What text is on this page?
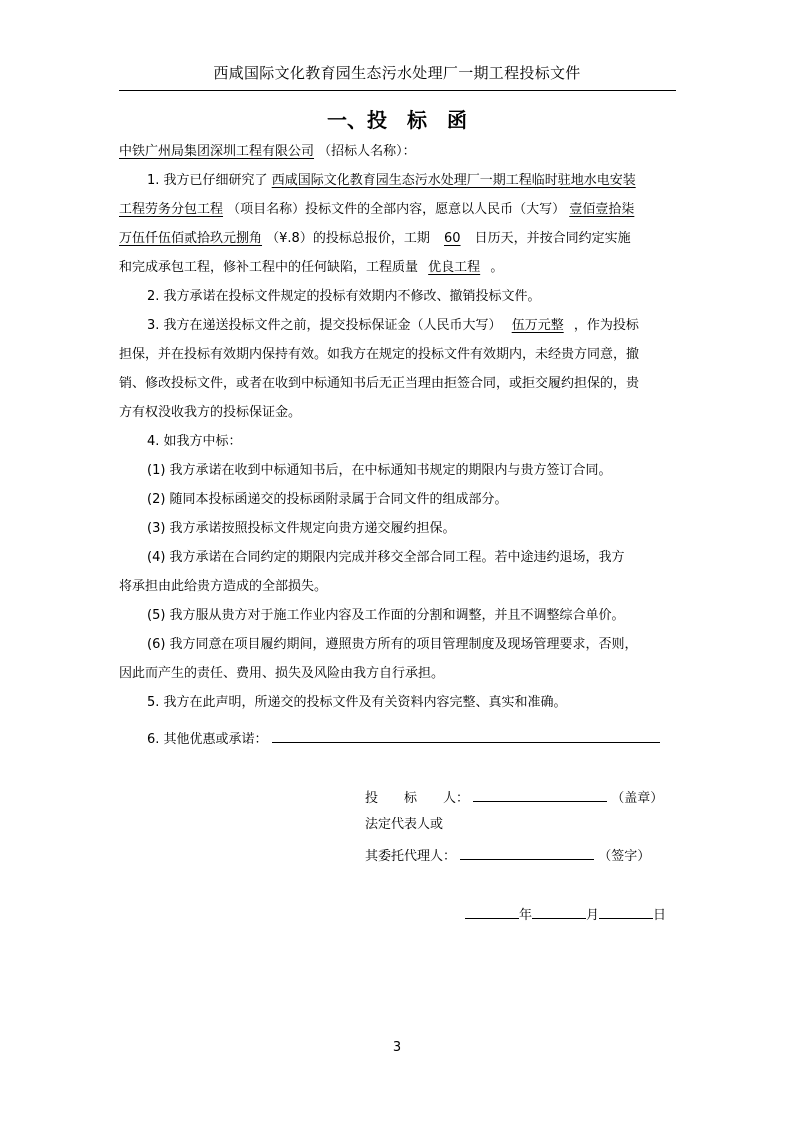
西咸国际文化教育园生态污水处理厂一期工程投标文件
一、投　标　函
中铁广州局集团深圳工程有限公司 （招标人名称）：
1. 我方已仔细研究了 西咸国际文化教育园生态污水处理厂一期工程临时驻地水电安装
工程劳务分包工程 （项目名称）投标文件的全部内容，愿意以人民币（大写） 壹佰壹拾柒
万伍仟伍佰贰拾玖元捌角 （¥.8）的投标总报价，工期 60 日历天，并按合同约定实施
和完成承包工程，修补工程中的任何缺陷，工程质量 优良工程 。
2. 我方承诺在投标文件规定的投标有效期内不修改、撤销投标文件。
3. 我方在递送投标文件之前，提交投标保证金（人民币大写） 伍万元整 ，作为投标
担保，并在投标有效期内保持有效。如我方在规定的投标文件有效期内，未经贵方同意，撤
销、修改投标文件，或者在收到中标通知书后无正当理由拒签合同，或拒交履约担保的，贵
方有权没收我方的投标保证金。
4. 如我方中标：
(1) 我方承诺在收到中标通知书后，在中标通知书规定的期限内与贵方签订合同。
(2) 随同本投标函递交的投标函附录属于合同文件的组成部分。
(3) 我方承诺按照投标文件规定向贵方递交履约担保。
(4) 我方承诺在合同约定的期限内完成并移交全部合同工程。若中途违约退场，我方
将承担由此给贵方造成的全部损失。
(5) 我方服从贵方对于施工作业内容及工作面的分割和调整，并且不调整综合单价。
(6) 我方同意在项目履约期间，遵照贵方所有的项目管理制度及现场管理要求，否则，
因此而产生的责任、费用、损失及风险由我方自行承担。
5. 我方在此声明，所递交的投标文件及有关资料内容完整、真实和准确。
6. 其他优惠或承诺：
投　　标　　人：	（盖章）
法定代表人或
其委托代理人：	（签字）
年	月	日
3
